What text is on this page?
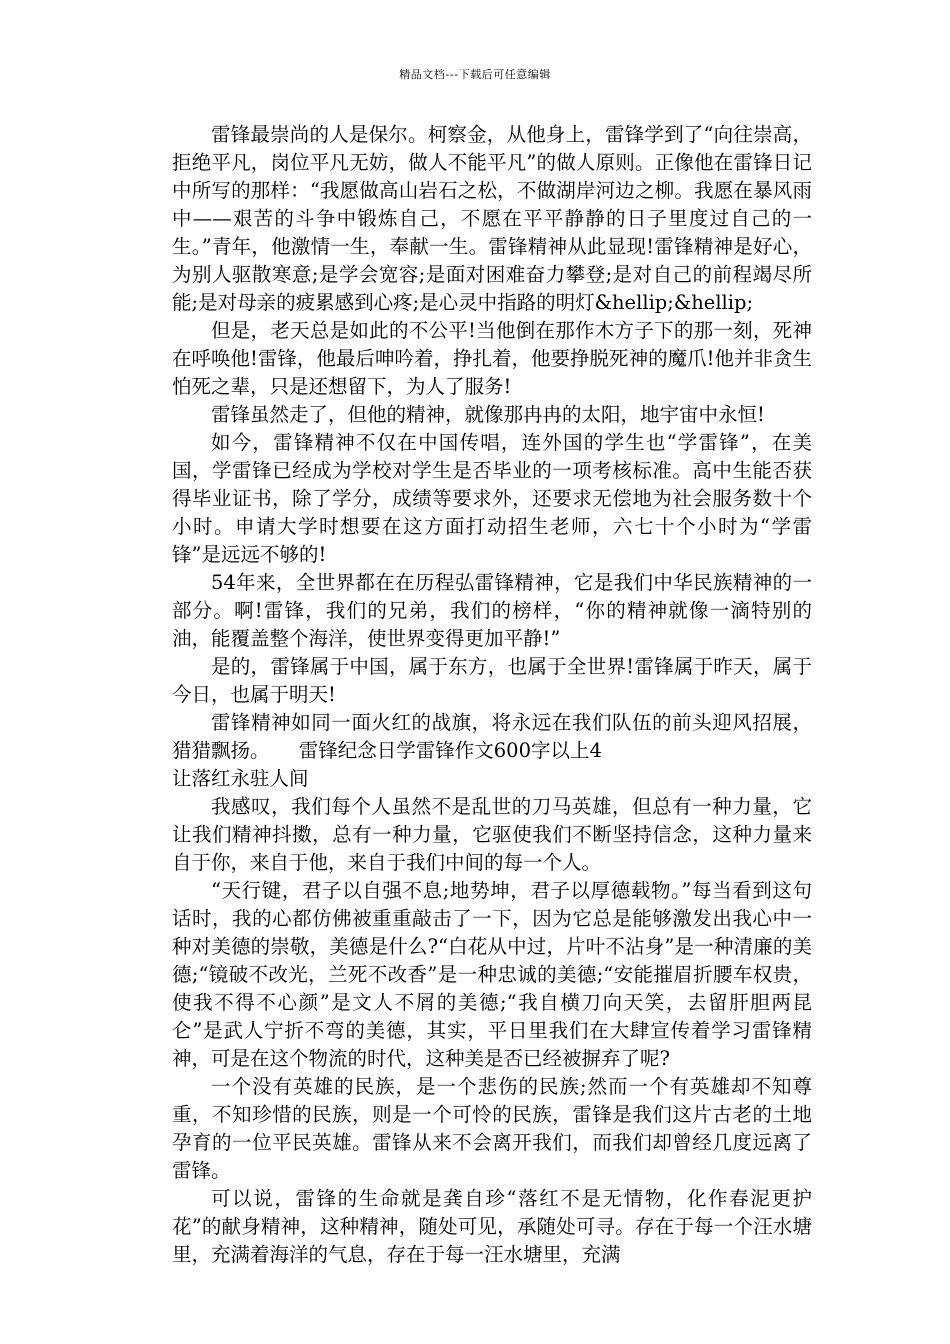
精品文档---下载后可任意编辑

雷锋最崇尚的人是保尔。柯察金，从他身上，雷锋学到了“向往崇高，拒绝平凡，岗位平凡无妨，做人不能平凡”的做人原则。正像他在雷锋日记中所写的那样：“我愿做高山岩石之松，不做湖岸河边之柳。我愿在暴风雨中——艰苦的斗争中锻炼自己，不愿在平平静静的日子里度过自己的一生。”青年，他激情一生，奉献一生。雷锋精神从此显现!雷锋精神是好心，为别人驱散寒意;是学会宽容;是面对困难奋力攀登;是对自己的前程竭尽所能;是对母亲的疲累感到心疼;是心灵中指路的明灯&hellip;&hellip;

但是，老天总是如此的不公平!当他倒在那作木方子下的那一刻，死神在呼唤他!雷锋，他最后呻吟着，挣扎着，他要挣脱死神的魔爪!他并非贪生怕死之辈，只是还想留下，为人了服务!

雷锋虽然走了，但他的精神，就像那冉冉的太阳，地宇宙中永恒!

如今，雷锋精神不仅在中国传唱，连外国的学生也“学雷锋”，在美国，学雷锋已经成为学校对学生是否毕业的一项考核标准。高中生能否获得毕业证书，除了学分，成绩等要求外，还要求无偿地为社会服务数十个小时。申请大学时想要在这方面打动招生老师，六七十个小时为“学雷锋”是远远不够的!

54年来，全世界都在在历程弘雷锋精神，它是我们中华民族精神的一部分。啊!雷锋，我们的兄弟，我们的榜样，“你的精神就像一滴特别的油，能覆盖整个海洋，使世界变得更加平静!”

是的，雷锋属于中国，属于东方，也属于全世界!雷锋属于昨天，属于今日，也属于明天!

雷锋精神如同一面火红的战旗，将永远在我们队伍的前头迎风招展，猎猎飘扬。　　雷锋纪念日学雷锋作文600字以上4

让落红永驻人间

我感叹，我们每个人虽然不是乱世的刀马英雄，但总有一种力量，它让我们精神抖擞，总有一种力量，它驱使我们不断坚持信念，这种力量来自于你，来自于他，来自于我们中间的每一个人。

“天行键，君子以自强不息;地势坤，君子以厚德载物。”每当看到这句话时，我的心都仿佛被重重敲击了一下，因为它总是能够激发出我心中一种对美德的崇敬，美德是什么?“白花从中过，片叶不沾身”是一种清廉的美德;“镜破不改光，兰死不改香”是一种忠诚的美德;“安能摧眉折腰车权贵，使我不得不心颜”是文人不屑的美德;“我自横刀向天笑，去留肝胆两昆仑”是武人宁折不弯的美德，其实，平日里我们在大肆宣传着学习雷锋精神，可是在这个物流的时代，这种美是否已经被摒弃了呢?

一个没有英雄的民族，是一个悲伤的民族;然而一个有英雄却不知尊重，不知珍惜的民族，则是一个可怜的民族，雷锋是我们这片古老的土地孕育的一位平民英雄。雷锋从来不会离开我们，而我们却曾经几度远离了雷锋。

可以说，雷锋的生命就是龚自珍“落红不是无情物，化作春泥更护花”的献身精神，这种精神，随处可见，承随处可寻。存在于每一个汪水塘里，充满着海洋的气息，存在于每一汪水塘里，充满
